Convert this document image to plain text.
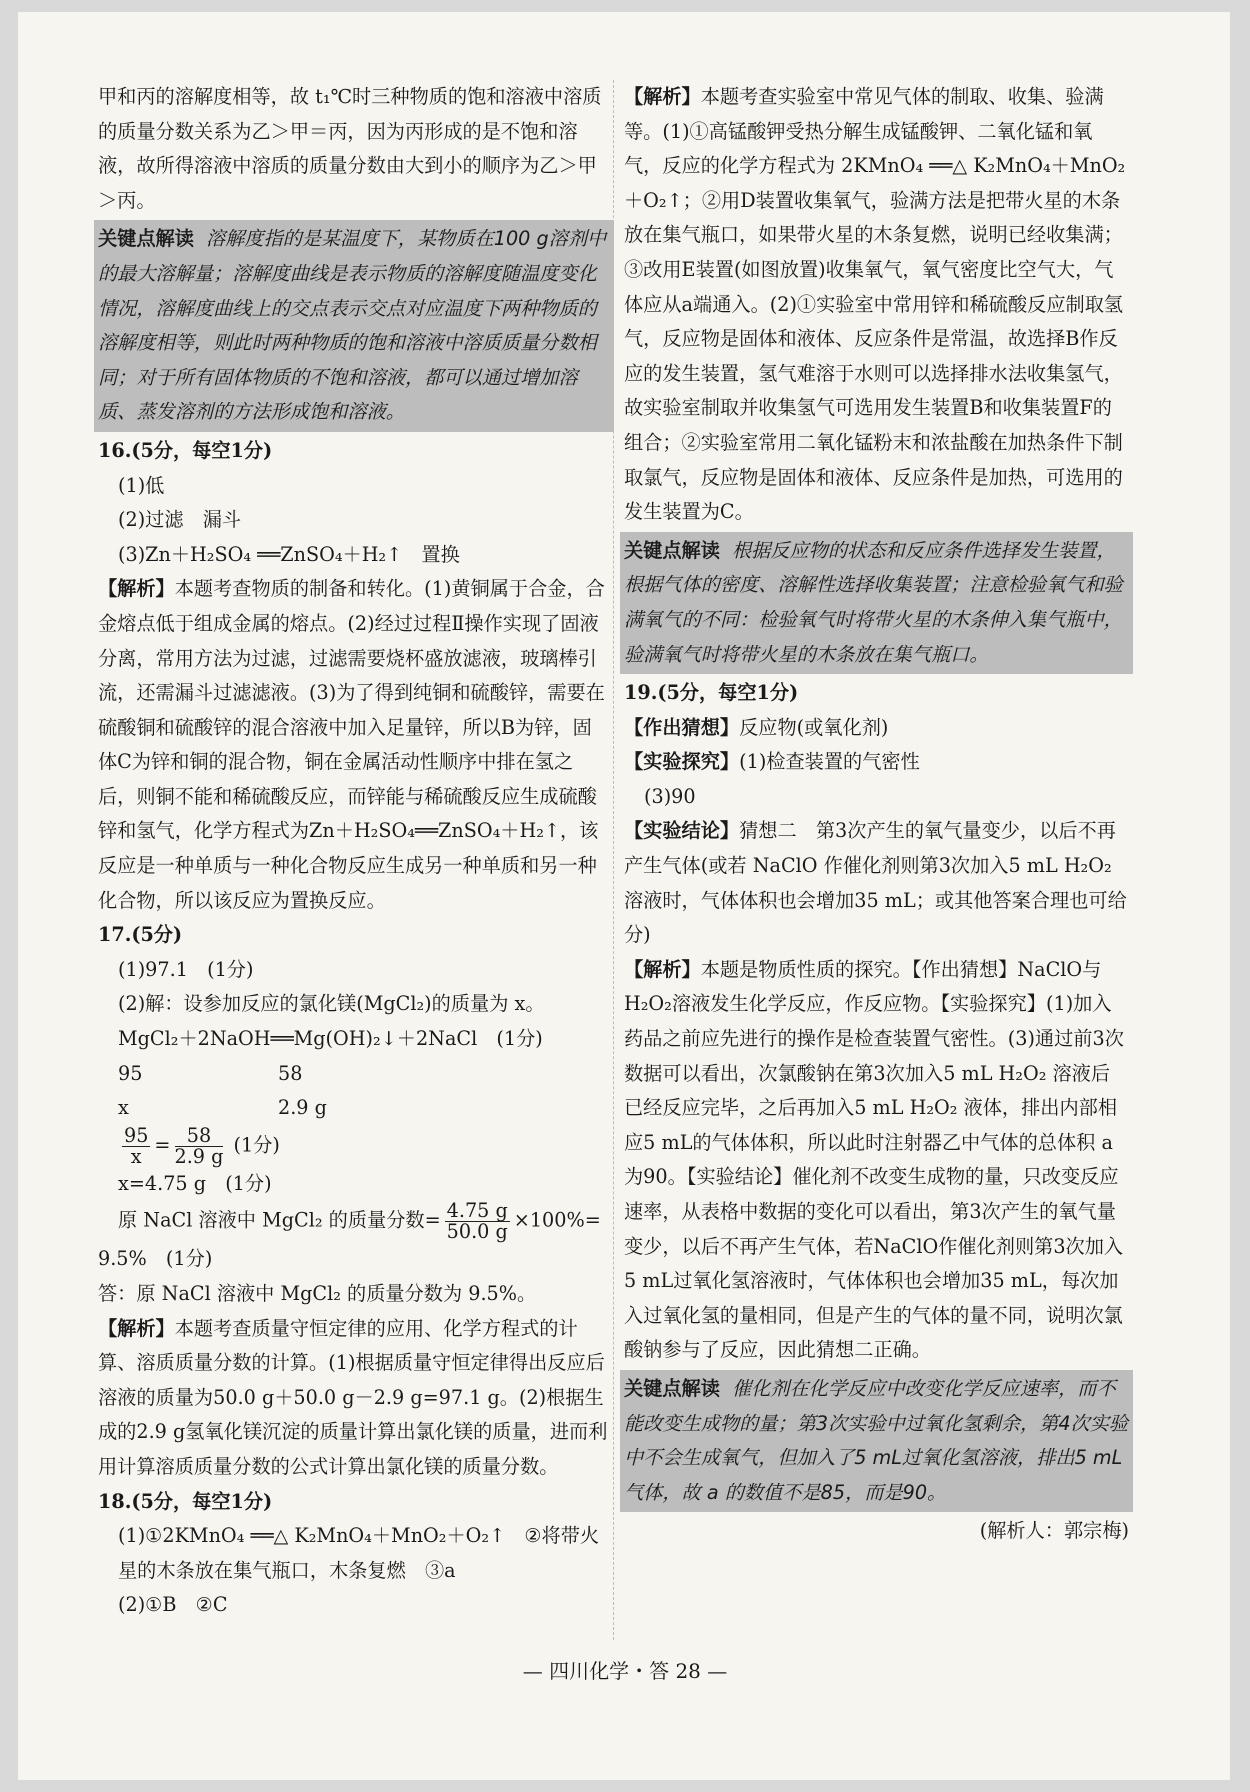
甲和丙的溶解度相等，故 t₁℃时三种物质的饱和溶液中溶质的质量分数关系为乙＞甲＝丙，因为丙形成的是不饱和溶液，故所得溶液中溶质的质量分数由大到小的顺序为乙＞甲＞丙。

关键点解读 溶解度指的是某温度下，某物质在100 g溶剂中的最大溶解量；溶解度曲线是表示物质的溶解度随温度变化情况，溶解度曲线上的交点表示交点对应温度下两种物质的溶解度相等，则此时两种物质的饱和溶液中溶质质量分数相同；对于所有固体物质的不饱和溶液，都可以通过增加溶质、蒸发溶剂的方法形成饱和溶液。

16.(5分，每空1分)

(1)低

(2)过滤　漏斗

(3)Zn＋H₂SO₄ ══ZnSO₄＋H₂↑　置换

【解析】本题考查物质的制备和转化。(1)黄铜属于合金，合金熔点低于组成金属的熔点。(2)经过过程Ⅱ操作实现了固液分离，常用方法为过滤，过滤需要烧杯盛放滤液，玻璃棒引流，还需漏斗过滤滤液。(3)为了得到纯铜和硫酸锌，需要在硫酸铜和硫酸锌的混合溶液中加入足量锌，所以B为锌，固体C为锌和铜的混合物，铜在金属活动性顺序中排在氢之后，则铜不能和稀硫酸反应，而锌能与稀硫酸反应生成硫酸锌和氢气，化学方程式为Zn＋H₂SO₄══ZnSO₄＋H₂↑，该反应是一种单质与一种化合物反应生成另一种单质和另一种化合物，所以该反应为置换反应。

17.(5分)

(1)97.1　(1分)

(2)解：设参加反应的氯化镁(MgCl₂)的质量为 x。

MgCl₂＋2NaOH══Mg(OH)₂↓＋2NaCl　(1分)

95	58

x	2.9 g

$\frac{95}{x} = \frac{58}{2.9 g} (1$分)

x=4.75 g　(1分)

原 NaCl 溶液中 MgCl₂ 的质量分数= $\frac{4.75 g}{50.0 g} \times 100\%=$

9.5%　(1分)

答：原 NaCl 溶液中 MgCl₂ 的质量分数为 9.5%。

【解析】本题考查质量守恒定律的应用、化学方程式的计算、溶质质量分数的计算。(1)根据质量守恒定律得出反应后溶液的质量为50.0 g＋50.0 g－2.9 g=97.1 g。(2)根据生成的2.9 g氢氧化镁沉淀的质量计算出氯化镁的质量，进而利用计算溶质质量分数的公式计算出氯化镁的质量分数。

18.(5分，每空1分)

(1)①2KMnO₄ ══△ K₂MnO₄＋MnO₂＋O₂↑　②将带火星的木条放在集气瓶口，木条复燃　③a

(2)①B　②C

【解析】本题考查实验室中常见气体的制取、收集、验满等。(1)①高锰酸钾受热分解生成锰酸钾、二氧化锰和氧气，反应的化学方程式为 2KMnO₄ ══△ K₂MnO₄＋MnO₂＋O₂↑；②用D装置收集氧气，验满方法是把带火星的木条放在集气瓶口，如果带火星的木条复燃，说明已经收集满；③改用E装置(如图放置)收集氧气，氧气密度比空气大，气体应从a端通入。(2)①实验室中常用锌和稀硫酸反应制取氢气，反应物是固体和液体、反应条件是常温，故选择B作反应的发生装置，氢气难溶于水则可以选择排水法收集氢气，故实验室制取并收集氢气可选用发生装置B和收集装置F的组合；②实验室常用二氧化锰粉末和浓盐酸在加热条件下制取氯气，反应物是固体和液体、反应条件是加热，可选用的发生装置为C。

关键点解读 根据反应物的状态和反应条件选择发生装置，根据气体的密度、溶解性选择收集装置；注意检验氧气和验满氧气的不同：检验氧气时将带火星的木条伸入集气瓶中，验满氧气时将带火星的木条放在集气瓶口。

19.(5分，每空1分)

【作出猜想】反应物(或氧化剂)

【实验探究】(1)检查装置的气密性

(3)90

【实验结论】猜想二　第3次产生的氧气量变少，以后不再产生气体(或若 NaClO 作催化剂则第3次加入5 mL H₂O₂ 溶液时，气体体积也会增加35 mL；或其他答案合理也可给分)

【解析】本题是物质性质的探究。【作出猜想】NaClO与H₂O₂溶液发生化学反应，作反应物。【实验探究】(1)加入药品之前应先进行的操作是检查装置气密性。(3)通过前3次数据可以看出，次氯酸钠在第3次加入5 mL H₂O₂ 溶液后已经反应完毕，之后再加入5 mL H₂O₂ 液体，排出内部相应5 mL的气体体积，所以此时注射器乙中气体的总体积 a 为90。【实验结论】催化剂不改变生成物的量，只改变反应速率，从表格中数据的变化可以看出，第3次产生的氧气量变少，以后不再产生气体，若NaClO作催化剂则第3次加入5 mL过氧化氢溶液时，气体体积也会增加35 mL，每次加入过氧化氢的量相同，但是产生的气体的量不同，说明次氯酸钠参与了反应，因此猜想二正确。

关键点解读 催化剂在化学反应中改变化学反应速率，而不能改变生成物的量；第3次实验中过氧化氢剩余，第4次实验中不会生成氧气，但加入了5 mL过氧化氢溶液，排出5 mL气体，故 a 的数值不是85，而是90。

(解析人：郭宗梅)

— 四川化学・答 28 —
